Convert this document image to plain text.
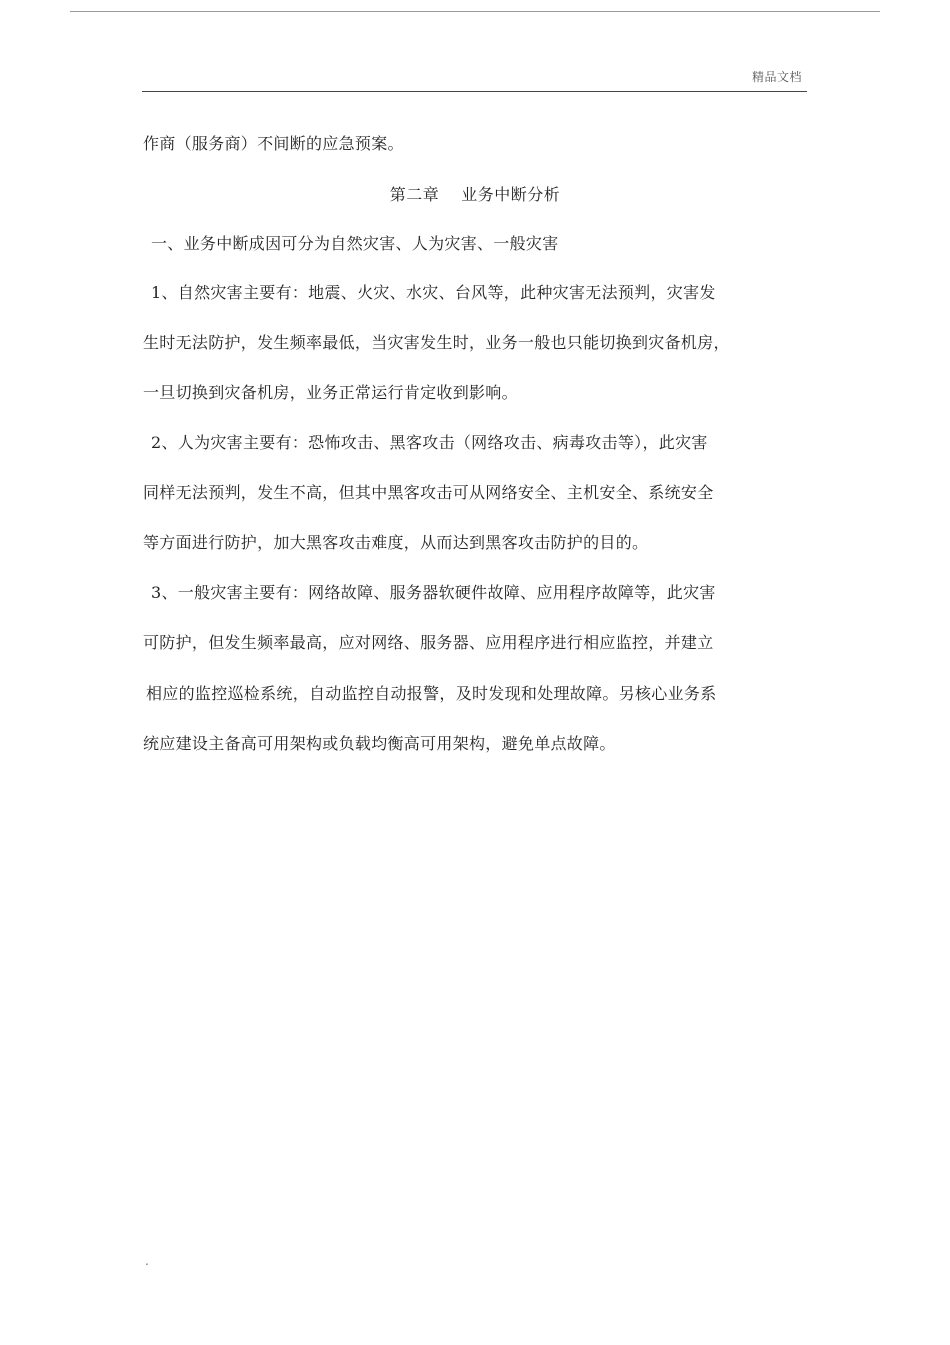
精品文档
作商（服务商）不间断的应急预案。
第二章　 业务中断分析
一、业务中断成因可分为自然灾害、人为灾害、一般灾害
1、自然灾害主要有：地震、火灾、水灾、台风等，此种灾害无法预判，灾害发
生时无法防护，发生频率最低，当灾害发生时，业务一般也只能切换到灾备机房，
一旦切换到灾备机房，业务正常运行肯定收到影响。
2、人为灾害主要有：恐怖攻击、黑客攻击（网络攻击、病毒攻击等），此灾害
同样无法预判，发生不高，但其中黑客攻击可从网络安全、主机安全、系统安全
等方面进行防护，加大黑客攻击难度，从而达到黑客攻击防护的目的。
3、一般灾害主要有：网络故障、服务器软硬件故障、应用程序故障等，此灾害
可防护，但发生频率最高，应对网络、服务器、应用程序进行相应监控，并建立
相应的监控巡检系统，自动监控自动报警，及时发现和处理故障。另核心业务系
统应建设主备高可用架构或负载均衡高可用架构，避免单点故障。
.
